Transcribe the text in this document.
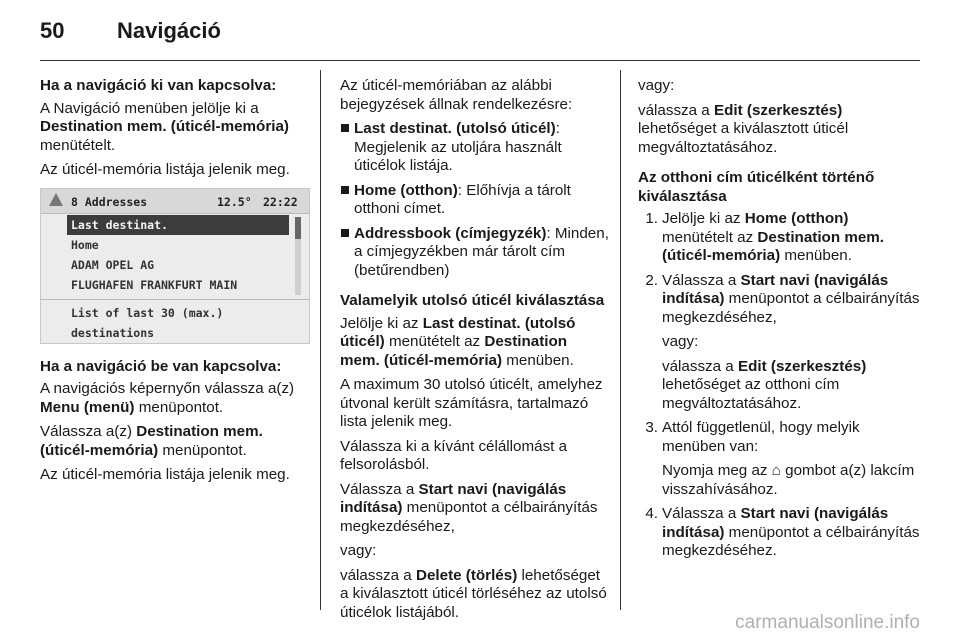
50 Navigáció
Ha a navigáció ki van kapcsolva:

A Navigáció menüben jelölje ki a Destination mem. (úticél-memória) menütételt.

Az úticél-memória listája jelenik meg.

8 Addresses	12.5° 22:22
Last destinat.
Home
ADAM OPEL AG
FLUGHAFEN FRANKFURT MAIN
List of last 30 (max.)
destinations
Ha a navigáció be van kapcsolva:

A navigációs képernyőn válassza a(z) Menu (menü) menüpontot.

Válassza a(z) Destination mem. (úticél-memória) menüpontot.

Az úticél-memória listája jelenik meg.

Az úticél-memóriában az alábbi bejegyzések állnak rendelkezésre:

Last destinat. (utolsó úticél): Megjelenik az utoljára használt úticélok listája.
Home (otthon): Előhívja a tárolt otthoni címet.
Addressbook (címjegyzék): Minden, a címjegyzékben már tárolt cím (betűrendben)
Valamelyik utolsó úticél kiválasztása

Jelölje ki az Last destinat. (utolsó úticél) menütételt az Destination mem. (úticél-memória) menüben.

A maximum 30 utolsó úticélt, amelyhez útvonal került számításra, tartalmazó lista jelenik meg.

Válassza ki a kívánt célállomást a felsorolásból.

Válassza a Start navi (navigálás indítása) menüpontot a célbairányítás megkezdéséhez,

vagy:

válassza a Delete (törlés) lehetőséget a kiválasztott úticél törléséhez az utolsó úticélok listájából.

vagy:

válassza a Edit (szerkesztés) lehetőséget a kiválasztott úticél megváltoztatásához.

Az otthoni cím úticélként történő kiválasztása
1. Jelölje ki az Home (otthon) menütételt az Destination mem. (úticél-memória) menüben.

2. Válassza a Start navi (navigálás indítása) menüpontot a célbairányítás megkezdéséhez,

vagy:

válassza a Edit (szerkesztés) lehetőséget az otthoni cím megváltoztatásához.

3. Attól függetlenül, hogy melyik menüben van:

Nyomja meg az ⌂ gombot a(z) lakcím visszahívásához.

4. Válassza a Start navi (navigálás indítása) menüpontot a célbairányítás megkezdéséhez.

carmanualsonline.info
